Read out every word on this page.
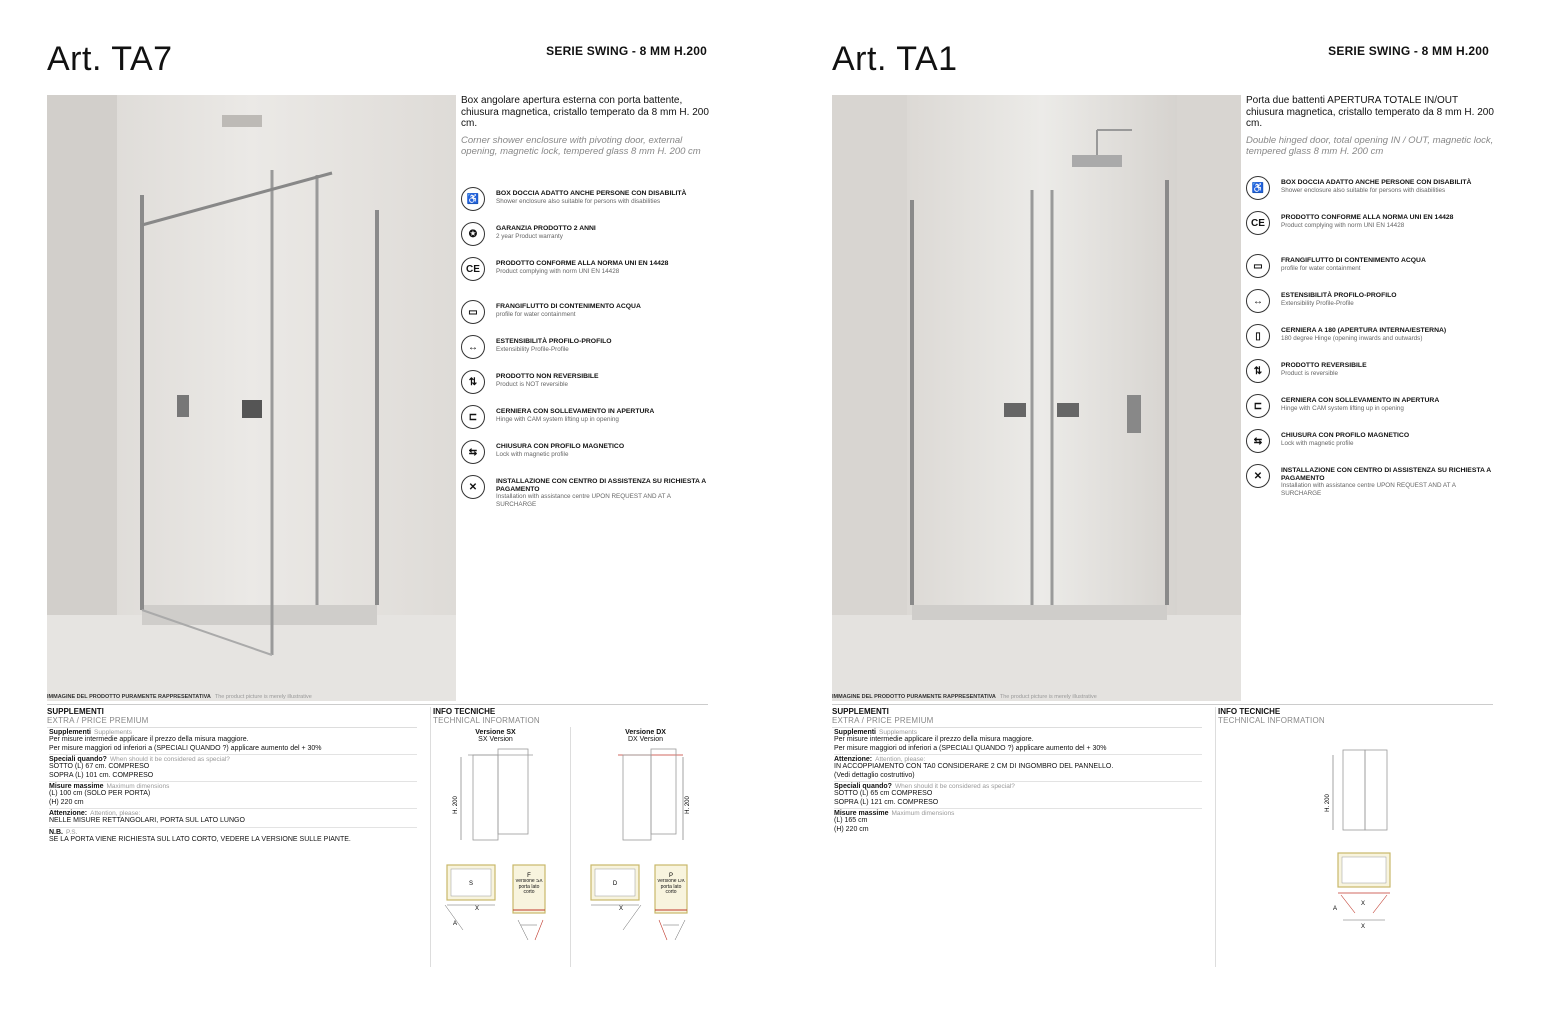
Art. TA7	SERIE SWING - 8 MM H.200
IMMAGINE DEL PRODOTTO PURAMENTE RAPPRESENTATIVA The product picture is merely illustrative
Box angolare apertura esterna con porta battente, chiusura magnetica, cristallo temperato da 8 mm H. 200 cm.
Corner shower enclosure with pivoting door, external opening, magnetic lock, tempered glass 8 mm H. 200 cm
♿	BOX DOCCIA ADATTO ANCHE PERSONE CON DISABILITÀ
Shower enclosure also suitable for persons with disabilities
✪	GARANZIA PRODOTTO 2 ANNI
2 year Product warranty
CE	PRODOTTO CONFORME ALLA NORMA UNI EN 14428
Product complying with norm UNI EN 14428
▭	FRANGIFLUTTO DI CONTENIMENTO ACQUA
profile for water containment
↔	ESTENSIBILITÀ PROFILO-PROFILO
Extensibility Profile-Profile
⇅	PRODOTTO NON REVERSIBILE
Product is NOT reversible
⊏	CERNIERA CON SOLLEVAMENTO IN APERTURA
Hinge with CAM system lifting up in opening
⇆	CHIUSURA CON PROFILO MAGNETICO
Lock with magnetic profile
✕	INSTALLAZIONE CON CENTRO DI ASSISTENZA SU RICHIESTA A PAGAMENTO
Installation with assistance centre UPON REQUEST AND AT A SURCHARGE
SUPPLEMENTI
EXTRA / PRICE PREMIUM
Supplementi Supplements
Per misure intermedie applicare il prezzo della misura maggiore.
Per misure maggiori od inferiori a (SPECIALI QUANDO ?) applicare aumento del + 30%
Speciali quando? When should it be considered as special?
SOTTO (L) 67 cm. COMPRESO
SOPRA (L) 101 cm. COMPRESO
Misure massime Maximum dimensions
(L) 100 cm (SOLO PER PORTA)
(H) 220 cm
Attenzione: Attention, please:
NELLE MISURE RETTANGOLARI, PORTA SUL LATO LUNGO
N.B. P.S.
SE LA PORTA VIENE RICHIESTA SUL LATO CORTO, VEDERE LA VERSIONE SULLE PIANTE.
INFO TECNICHE
TECHNICAL INFORMATION
Versione SX
SX Version
H. 200
S
X
A
F
Versione SX porta lato corto
Versione DX
DX Version
H. 200
D
X
P
Versione DX porta lato corto
Art. TA1	SERIE SWING - 8 MM H.200
IMMAGINE DEL PRODOTTO PURAMENTE RAPPRESENTATIVA The product picture is merely illustrative
Porta due battenti APERTURA TOTALE IN/OUT chiusura magnetica, cristallo temperato da 8 mm H. 200 cm.
Double hinged door, total opening IN / OUT, magnetic lock, tempered glass 8 mm H. 200 cm
♿	BOX DOCCIA ADATTO ANCHE PERSONE CON DISABILITÀ
Shower enclosure also suitable for persons with disabilities
CE	PRODOTTO CONFORME ALLA NORMA UNI EN 14428
Product complying with norm UNI EN 14428
▭	FRANGIFLUTTO DI CONTENIMENTO ACQUA
profile for water containment
↔	ESTENSIBILITÀ PROFILO-PROFILO
Extensibility Profile-Profile
▯	CERNIERA A 180 (APERTURA INTERNA/ESTERNA)
180 degree Hinge (opening inwards and outwards)
⇅	PRODOTTO REVERSIBILE
Product is reversible
⊏	CERNIERA CON SOLLEVAMENTO IN APERTURA
Hinge with CAM system lifting up in opening
⇆	CHIUSURA CON PROFILO MAGNETICO
Lock with magnetic profile
✕	INSTALLAZIONE CON CENTRO DI ASSISTENZA SU RICHIESTA A PAGAMENTO
Installation with assistance centre UPON REQUEST AND AT A SURCHARGE
SUPPLEMENTI
EXTRA / PRICE PREMIUM
Supplementi Supplements
Per misure intermedie applicare il prezzo della misura maggiore.
Per misure maggiori od inferiori a (SPECIALI QUANDO ?) applicare aumento del + 30%
Attenzione: Attention, please:
IN ACCOPPIAMENTO CON TA0 CONSIDERARE 2 CM DI INGOMBRO DEL PANNELLO.
(Vedi dettaglio costruttivo)
Speciali quando? When should it be considered as special?
SOTTO (L) 65 cm COMPRESO
SOPRA (L) 121 cm. COMPRESO
Misure massime Maximum dimensions
(L) 165 cm
(H) 220 cm
INFO TECNICHE
TECHNICAL INFORMATION
H. 200
X
A
X
